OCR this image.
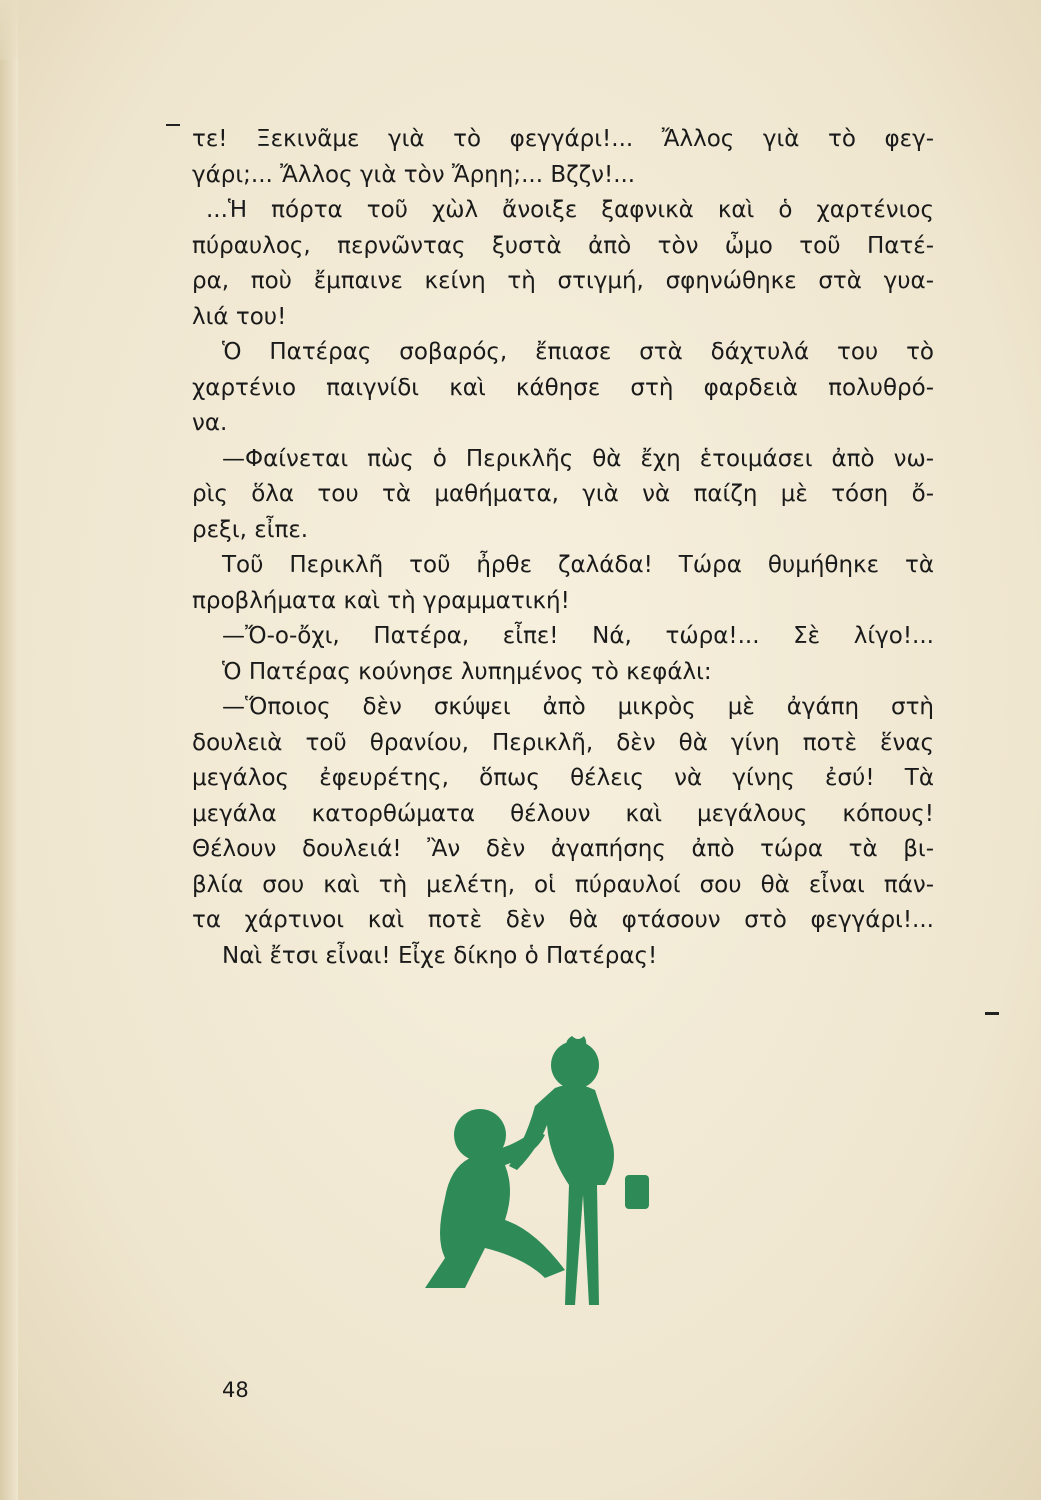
τε! Ξεκινᾶμε γιὰ τὸ φεγγάρι!... Ἄλλος γιὰ τὸ φεγ-
γάρι;... Ἄλλος γιὰ τὸν Ἄρηη;... Βζζν!...
...Ἡ πόρτα τοῦ χὼλ ἄνοιξε ξαφνικὰ καὶ ὁ χαρτένιος
πύραυλος, περνῶντας ξυστὰ ἀπὸ τὸν ὦμο τοῦ Πατέ-
ρα, ποὺ ἔμπαινε κείνη τὴ στιγμή, σφηνώθηκε στὰ γυα-
λιά του!
Ὁ Πατέρας σοβαρός, ἔπιασε στὰ δάχτυλά του τὸ
χαρτένιο παιγνίδι καὶ κάθησε στὴ φαρδειὰ πολυθρό-
να.
—Φαίνεται πὼς ὁ Περικλῆς θὰ ἔχη ἑτοιμάσει ἀπὸ νω-
ρὶς ὅλα του τὰ μαθήματα, γιὰ νὰ παίζη μὲ τόση ὄ-
ρεξι, εἶπε.
Τοῦ Περικλῆ τοῦ ἦρθε ζαλάδα! Τώρα θυμήθηκε τὰ
προβλήματα καὶ τὴ γραμματική!
—Ὄ-ο-ὄχι, Πατέρα, εἶπε! Νά, τώρα!... Σὲ λίγο!...
Ὁ Πατέρας κούνησε λυπημένος τὸ κεφάλι:
—Ὅποιος δὲν σκύψει ἀπὸ μικρὸς μὲ ἀγάπη στὴ
δουλειὰ τοῦ θρανίου, Περικλῆ, δὲν θὰ γίνη ποτὲ ἕνας
μεγάλος ἐφευρέτης, ὅπως θέλεις νὰ γίνης ἐσύ! Τὰ
μεγάλα κατορθώματα θέλουν καὶ μεγάλους κόπους!
Θέλουν δουλειά! Ἂν δὲν ἀγαπήσης ἀπὸ τώρα τὰ βι-
βλία σου καὶ τὴ μελέτη, οἱ πύραυλοί σου θὰ εἶναι πάν-
τα χάρτινοι καὶ ποτὲ δὲν θὰ φτάσουν στὸ φεγγάρι!...
Ναὶ ἔτσι εἶναι! Εἶχε δίκηο ὁ Πατέρας!
48
